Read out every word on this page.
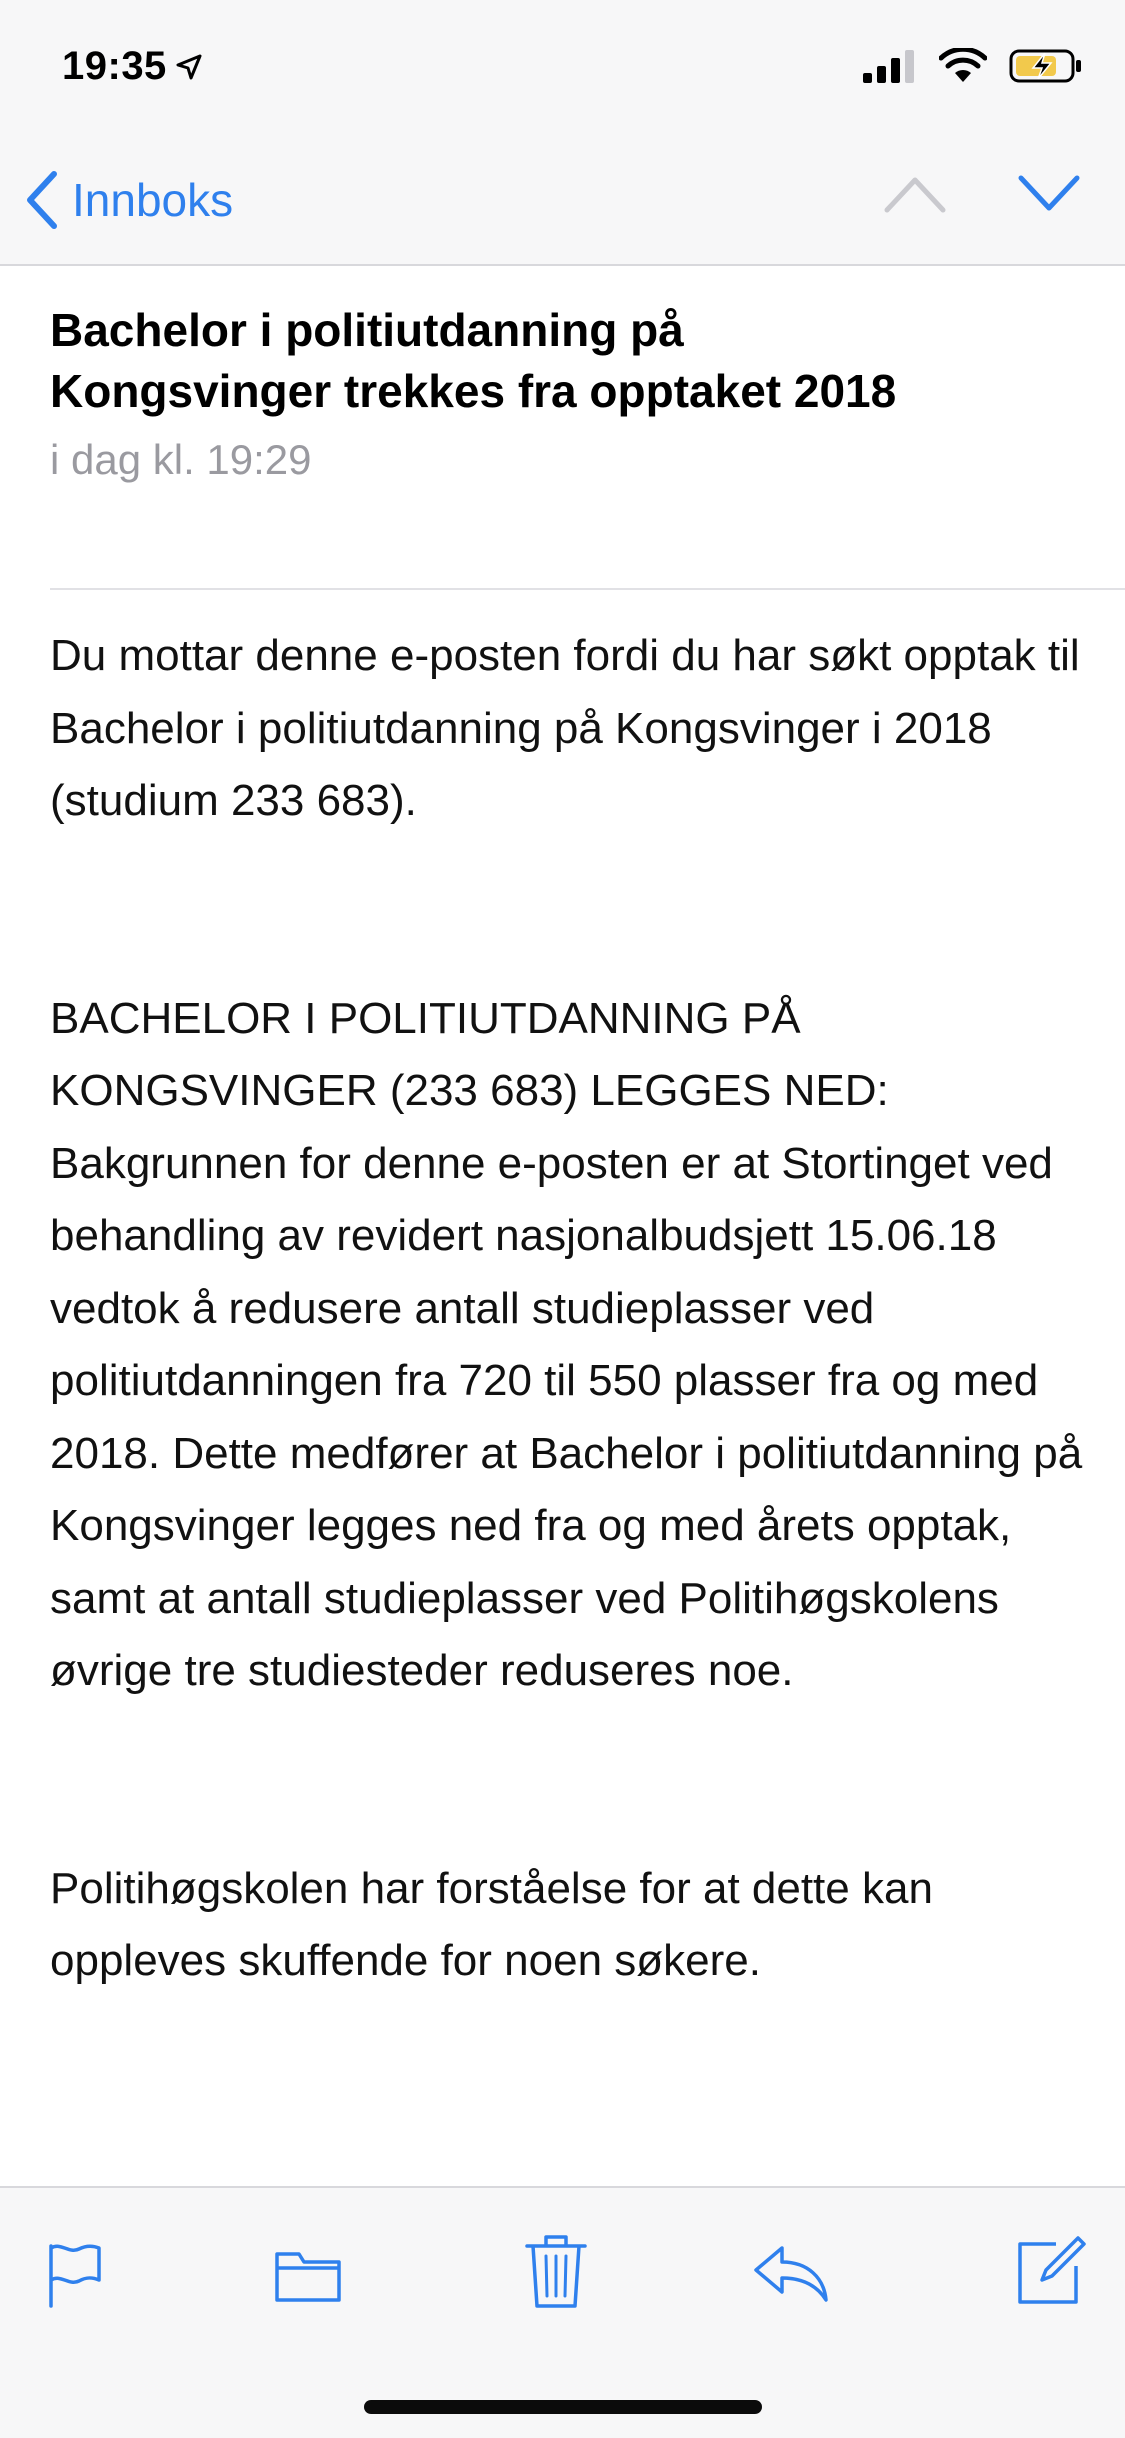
19:35
Innboks
Bachelor i politiutdanning på Kongsvinger trekkes fra opptaket 2018
i dag kl. 19:29

Du mottar denne e-posten fordi du har søkt opptak til Bachelor i politiutdanning på Kongsvinger i 2018 (studium 233 683).

BACHELOR I POLITIUTDANNING PÅ KONGSVINGER (233 683) LEGGES NED:

Bakgrunnen for denne e-posten er at Stortinget ved behandling av revidert nasjonalbudsjett 15.06.18 vedtok å redusere antall studieplasser ved politiutdanningen fra 720 til 550 plasser fra og med 2018. Dette medfører at Bachelor i politiutdanning på Kongsvinger legges ned fra og med årets opptak, samt at antall studieplasser ved Politihøgskolens øvrige tre studiesteder reduseres noe.

Politihøgskolen har forståelse for at dette kan oppleves skuffende for noen søkere.
